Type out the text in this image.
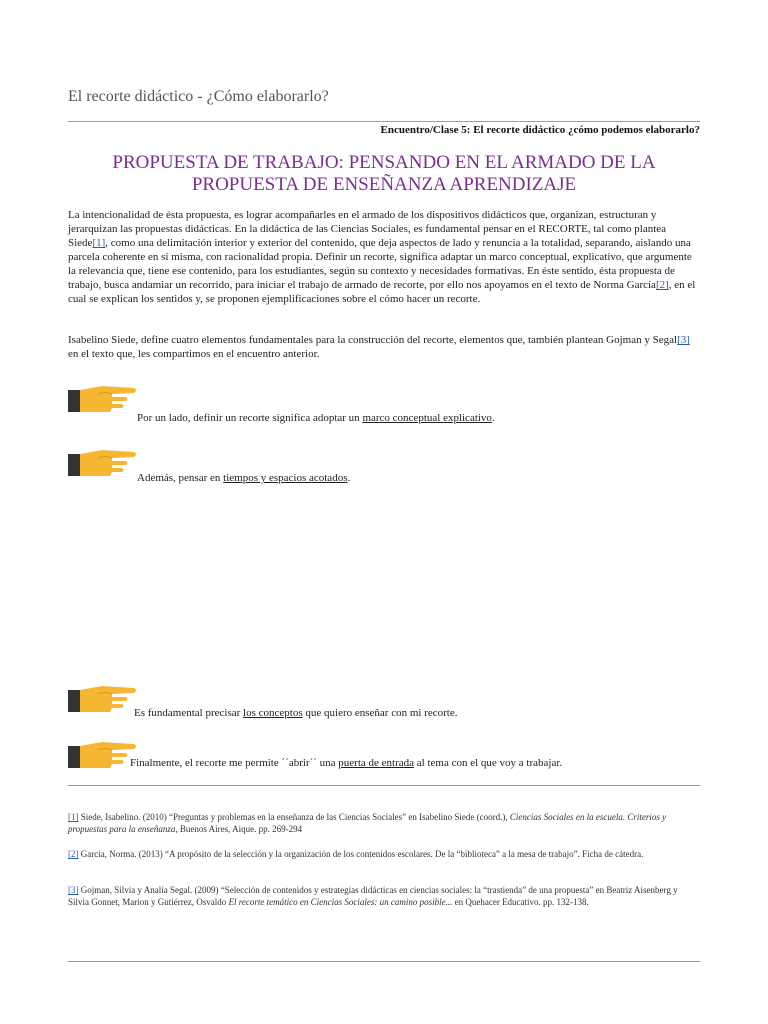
El recorte didáctico - ¿Cómo elaborarlo?
Encuentro/Clase 5: El recorte didáctico ¿cómo podemos elaborarlo?
PROPUESTA DE TRABAJO: PENSANDO EN EL ARMADO DE LA
PROPUESTA DE ENSEÑANZA APRENDIZAJE
La intencionalidad de ésta propuesta, es lograr acompañarles en el armado de los dispositivos didácticos que, organizan, estructuran y jerarquizan las propuestas didácticas. En la didáctica de las Ciencias Sociales, es fundamental pensar en el RECORTE, tal como plantea Siede[1], como una delimitación interior y exterior del contenido, que deja aspectos de lado y renuncia a la totalidad, separando, aislando una parcela coherente en sí misma, con racionalidad propia. Definir un recorte, significa adaptar un marco conceptual, explicativo, que argumente la relevancia que, tiene ese contenido, para los estudiantes, según su contexto y necesidades formativas. En éste sentido, ésta propuesta de trabajo, busca andamiar un recorrido, para iniciar el trabajo de armado de recorte, por ello nos apoyamos en el texto de Norma García[2], en el cual se explican los sentidos y, se proponen ejemplificaciones sobre el cómo hacer un recorte.
Isabelino Siede, define cuatro elementos fundamentales para la construcción del recorte, elementos que, también plantean Gojman y Segal[3] en el texto que, les compartimos en el encuentro anterior.
Por un lado, definir un recorte significa adoptar un marco conceptual explicativo.
Además, pensar en tiempos y espacios acotados.
Es fundamental precisar los conceptos que quiero enseñar con mi recorte.
Finalmente, el recorte me permite ´´abrir´´ una puerta de entrada al tema con el que voy a trabajar.
[1] Siede, Isabelino. (2010) “Preguntas y problemas en la enseñanza de las Ciencias Sociales” en Isabelino Siede (coord.), Ciencias Sociales en la escuela. Criterios y propuestas para la enseñanza, Buenos Aires, Aique. pp. 269-294
[2] García, Norma. (2013) “A propósito de la selección y la organización de los contenidos escolares. De la “biblioteca” a la mesa de trabajo”. Ficha de cátedra.
[3] Gojman, Silvia y Analía Segal. (2009) “Selección de contenidos y estrategias didácticas en ciencias sociales: la “trastienda” de una propuesta” en Beatriz Aisenberg y Silvia Gonnet, Marion y Gutiérrez, Osvaldo El recorte temático en Ciencias Sociales: un camino posible... en Quehacer Educativo. pp. 132-138.
